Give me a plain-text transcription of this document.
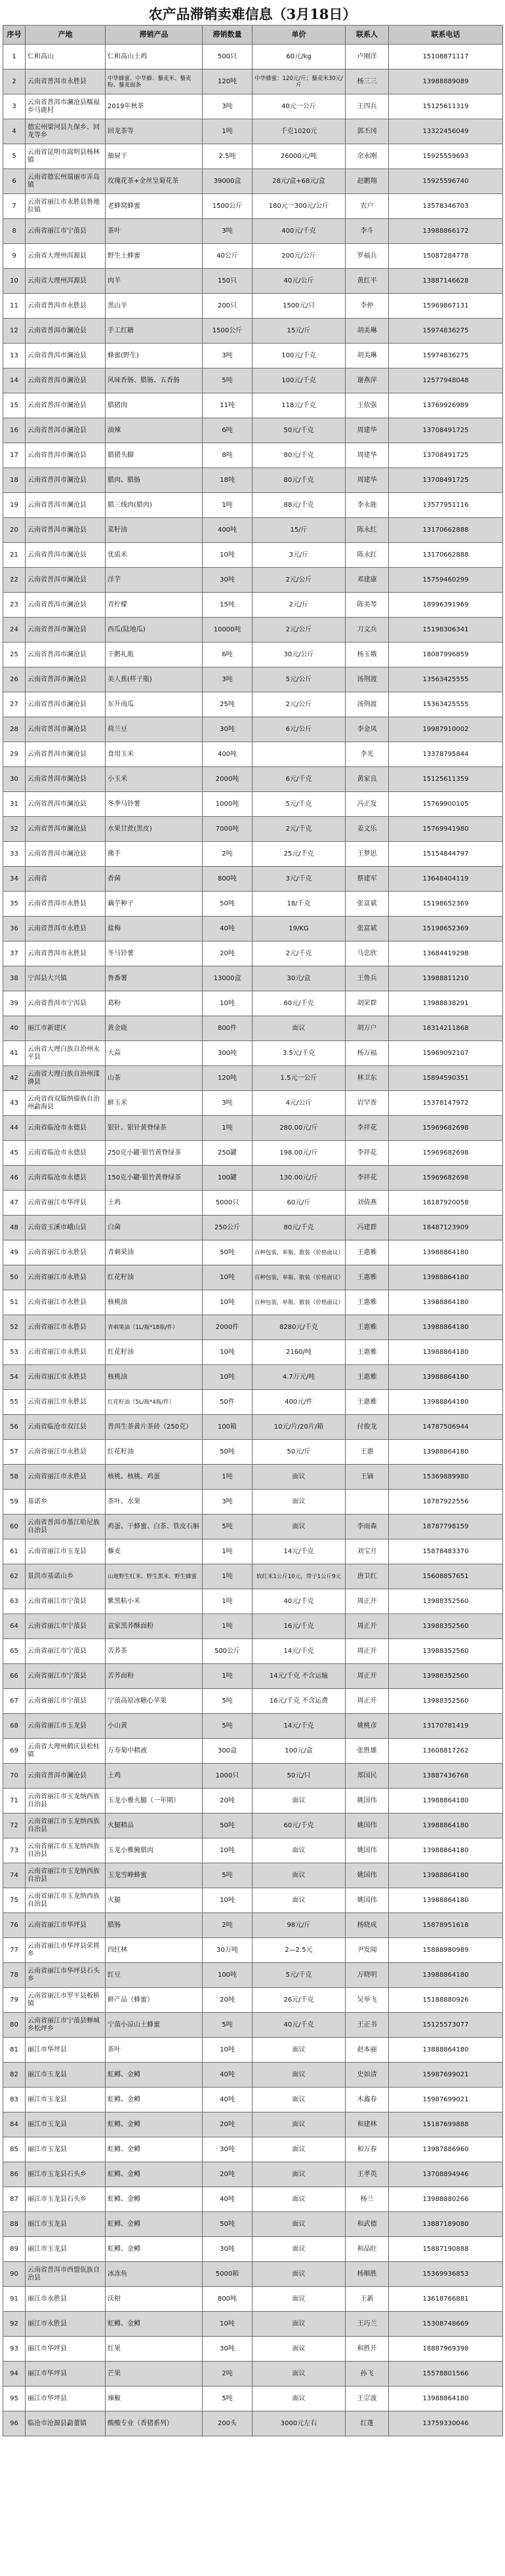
农产品滞销卖难信息（3月18日）
序号	产地	滞销产品	滞销数量	单价	联系人	联系电话
1	仁和高山	仁和高山土鸡	500只	60元/kg	卢刚洋	15108871117
2	云南省普洱市永胜县	中华蜂蜜、中华蜂、藜麦米、藜麦粉、藜麦面条	120吨	中华蜂蜜：120元/斤；藜麦米30元/斤	杨三三	13988889089
3	云南省普洱市澜沧县糯福乡马鹿村	2019年秋茶	3吨	40元一公斤	王四兵	15125611319
4	德宏州梁河县九保乡、回龙等乡	回龙茶等	1吨	千克1020元	郭丕冈	13322456049
5	云南省昆明市嵩明县杨林镇	抽屉干	2.5吨	26000元/吨	余永刚	15925559693
6	云南省德宏州瑞丽市弄岛镇	玫瑰花茶+金丝皇菊花茶	39000盒	28元/盒+68元/盒	赵鹏翔	15925596740
7	云南省丽江市永胜县鲁地拉镇	老蜂窝蜂蜜	1500公斤	180元一300元/公斤	农户	13578346703
8	云南省丽江市宁蒗县	茶叶	3吨	400元/千克	李斗	13988866172
9	云南省大理州洱源县	野生土蜂蜜	40公斤	200元/公斤	罗福兵	15087284778
10	云南省大理州洱源县	肉羊	150只	40元/公斤	黄红平	13887146628
11	云南省普洱市永胜县	黑山羊	200只	1500元/只	李仲	15969867131
12	云南省普洱市澜沧县	手工红糖	1500公斤	15元/斤	胡美琳	15974836275
13	云南省普洱市澜沧县	蜂蜜(野生)	3吨	100元/千克	胡美琳	15974836275
14	云南省普洱市澜沧县	风味香肠、腊肠、五香肠	5吨	100元/千克	谢燕萍	12577948048
15	云南省普洱市澜沧县	腊猪肉	11吨	118元/千克	王依强	13769926989
16	云南省普洱市澜沧县	油辣	6吨	50元/千克	周建华	13708491725
17	云南省普洱市澜沧县	腊猪头脚	8吨	80元/千克	周建华	13708491725
18	云南省普洱市澜沧县	腊肉、腊肠	18吨	80元/千克	周建华	13708491725
19	云南省普洱市澜沧县	腊三线肉(腊肉)	1吨	88元/千克	李永能	13577951116
20	云南省普洱市澜沧县	菜籽油	400吨	15/斤	陈永红	13170662888
21	云南省普洱市澜沧县	优质米	10吨	3元/斤	陈永红	13170662888
22	云南省普洱市澜沧县	洋芋	30吨	2元/公斤	邓建康	15759460299
23	云南省普洱市澜沧县	青柠檬	15吨	2元/斤	陈美琴	18996391969
24	云南省普洱市澜沧县	西瓜(陆地瓜)	10000吨	2元/公斤	刀文兵	15198306341
25	云南省普洱市澜沧县	干鹅礼瓶	6吨	30元/公斤	杨玉娥	18087996859
26	云南省普洱市澜沧县	美人蕉(样子瓶)	3吨	5元/公斤	汤荆渡	13563425555
27	云南省普洱市澜沧县	东升南瓜	25吨	2元/公斤	汤荆渡	15363425555
28	云南省普洱市澜沧县	荷兰豆	30吨	6元/公斤	李金凤	19987910002
29	云南省普洱市澜沧县	食用玉米	400吨		李光	13378795844
30	云南省普洱市澜沧县	小玉米	2000吨	6元/千克	黄家良	15125611359
31	云南省普洱市澜沧县	冬季马铃薯	1000吨	5元/千克	冯正发	15769900105
32	云南省普洱市澜沧县	水果甘蔗(黑皮)	7000吨	2元/千克	姜文乐	15769941980
33	云南省普洱市澜沧县	佛手	2吨	25元/千克	王梦思	15154844797
34	云南省	香菌	800吨	3元/千克	蔡建军	13648404119
35	云南省普洱市永胜县	藕芋种子	50吨	18/千克	张富斌	15198652369
36	云南省普洱市永胜县	盐梅	40吨	19/KG	张富斌	15198652369
37	云南省普洱市永胜县	冬马铃薯	20吨	2元/千克	马忠欣	13684419298
38	宁洱县大兴镇	鲁番薯	13000盒	30元/盒	王鲁兵	13988811210
39	云南省普洱市宁洱县	葛粉	10吨	60元/千克	胡荣群	13988838291
40	丽江市新建区	黄金鹿	800件	面议	胡万户	18314211868
41	云南省大理白族自治州永平县	大蒜	300吨	3.5元/千克	杨万福	15969092107
42	云南省大理白族自治州漾濞县	山茶	120吨	1.5元一公斤	林卫东	15894590351
43	云南省西双版纳傣族自治州勐海县	鲜玉米	3吨	4元/公斤	岩罕香	15378147972
44	云南省临沧市永德县	银针、银针黄脊绿茶	1吨	280.00元/斤	李祥花	15969682698
45	云南省临沧市永德县	250克小罐·银竹黄脊绿茶	250罐	198.00元/斤	李祥花	15969682698
46	云南省临沧市永德县	150克小罐·银竹黄脊绿茶	100罐	130.00元/斤	李祥花	15969682698
47	云南省丽江市华坪县	土鸡	5000只	60元/斤	刘倩燕	18187920058
48	云南省玉溪市峨山县	白菌	250公斤	80元/千克	冯建群	18487123909
49	云南省丽江市永胜县	青刺果油	50吨	百种包装，单瓶、散装（价格面议）	王惠雅	13988864180
50	云南省丽江市永胜县	红花籽油	10吨	百种包装，单瓶、散装（价格面议）	王惠雅	13988864180
51	云南省丽江市永胜县	核桃油	10吨	百种包装，单瓶、散装（价格面议）	王惠雅	13988864180
52	云南省丽江市永胜县	青刺果油（1L/瓶*18瓶/件）	2000件	8280元/千克	王惠雅	13988864180
53	云南省丽江市永胜县	红花籽油	10吨	2160/吨	王惠雅	13988864180
54	云南省丽江市永胜县	核桃油	10吨	4.7万元/吨	王惠雅	13988864180
55	云南省丽江市永胜县	红花籽油（5L/瓶*4瓶/件）	50件	400元/件	王惠雅	13988864180
56	云南省临沧市双江县	普洱生茶黄片茶砖（250克）	100箱	10元/片/20片/箱	付俊龙	14787506944
57	云南省丽江市永胜县	红花籽油	50吨	50元/斤	王惠	13988864180
58	云南省丽江市永胜县	核桃、核桃、鸡蛋	1吨	面议	王镝	15369889980
59	基诺乡	茶叶、水果	3吨	面议		18787922556
60	云南省普洱市墨江哈尼族自治县	鸡蛋、干蜂蜜、白茶、铁皮石斛	5吨	面议	李雨森	18787798159
61	云南省丽江市玉龙县	藜麦	1吨	14元/千克	刘宝月	15878483370
62	景洪市基诺山乡	山地野生红米、野生黑米、野生蜂蜜	1吨	软红米1公斤10元，带子1公斤9元	唐卫红	15608857651
63	云南省丽江市宁蒗县	紫黑粘小米	1吨	40元/千克	周正开	13988352560
64	云南省丽江市宁蒗县	袁家黑荞酥面粉	1吨	16元/千克	周正开	13988352560
65	云南省丽江市宁蒗县	苦荞茶	500公斤	14元/千克	周正开	13988352560
66	云南省丽江市宁蒗县	苦荞面粉	1吨	14元/千克 不含运输	周正开	13988352560
67	云南省丽江市宁蒗县	宁蒗高原冰糖心苹果	5吨	16元/千克 不含运费	周正开	13988352560
68	云南省丽江市玉龙县	小山黄	5吨	14元/千克	姚桃彦	13170781419
69	云南省大理州鹤庆县松桂镇	万寿菊中精液	300盒	100元/盒	张胜雄	13608817262
70	云南省普洱市澜沧县	土鸡	1000只	50元/只	郑国民	13887436768
71	云南省丽江市玉龙纳西族自治县	玉龙小雅火腿（一年期）	20吨	面议	姚国伟	13988864180
72	云南省丽江市玉龙纳西族自治县	火腿精品	50吨	60元/千克	姚国伟	13988864180
73	云南省丽江市玉龙纳西族自治县	玉龙小雅腌腊肉	10吨	面议	姚国伟	13988864180
74	云南省丽江市玉龙纳西族自治县	玉龙雪峰蜂蜜	5吨	面议	姚国伟	13988864180
75	云南省丽江市玉龙纳西族自治县	火腿	10吨	面议	姚国伟	13988864180
76	云南省丽江市华坪县	腊肠	2吨	98元/斤	杨晓成	15878951618
77	云南省丽江市华坪县荣将乡	四红林	30万吨	2—2.5元	尹发闻	15888980989
78	云南省丽江市华坪县石头乡	红豆	100吨	5元/千克	万晓明	13988864180
79	云南省丽江市罗平县板桥镇	鲜产品（蜂蜜）	20吨	26元/千克	吴举飞	15188880926
80	云南省丽江市宁蒗县蝉城乡松坪乡	宁蒗小凉山土蜂蜜	5吨	40元/千克	王正书	15125573077
81	丽江市华坪县	茶叶	10吨	面议	赵本丽	13888864180
82	丽江市玉龙县	虹鳟、金鳟	40吨	面议	史如清	15987699021
83	丽江市玉龙县	虹鳟、金鳟	40吨	面议	木鑫春	15987699021
84	丽江市玉龙县	虹鳟、金鳟	20吨	面议	和建林	15187699888
85	丽江市玉龙县	虹鳟、金鳟	30吨	面议	和万春	13987886960
86	丽江市玉龙县石头乡	虹鳟、金鳟	20吨	面议	王孝英	13708894946
87	丽江市玉龙县石头乡	虹鳟、金鳟	40吨	面议	杨兰	13988880266
88	丽江市玉龙县	虹鳟、金鳟	50吨	面议	和武德	13887189080
89	丽江市玉龙县	虹鳟、金鳟	30吨	面议	和品旺	15887190888
90	云南省普洱市西盟佤族自治县	冰冻鱼	5000箱	面议	杨顺胜	15369936853
91	丽江市永胜县	沃柑	800吨	面议	王新	13618766881
92	丽江市永胜县	虹鳟、金鳟	10吨	面议	王巧兰	15308748669
93	丽江市华坪县	红果	30吨	面议	和胜开	18887969398
94	丽江市华坪县	芒果	2吨	面议	孙飞	15578801566
95	丽江市华坪县	辣椒	5吨	面议	王宗波	13988864180
96	临沧市沧源县勐董镇	酸酸专业（香猪系列）	200头	3000元左右	红蓬	13759330046
